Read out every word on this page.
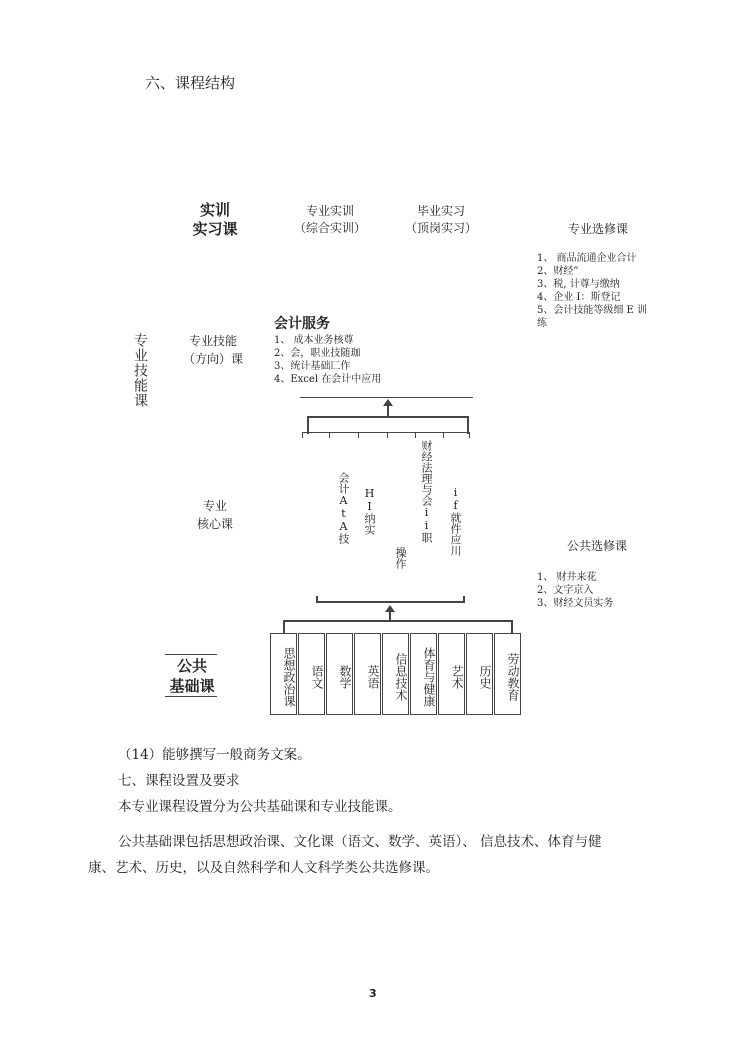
六、课程结构
实训
实习课
专业实训
（综合实训）
毕业实习
（顶岗实习）	专业选修课
1、 商品流通企业合计
2、财经”
3、税, 计尊与缴纳
4、企业 I：斯登记
5、会计技能等级细 E 训
练
专业技能课	专业技能
（方向）课
会计服务
1、 成本业务核尊
2、会，职业技随珈
3、统计基础匚作
4、Excel 在会计中应用
专业
核心课	会计AtA技 HI纳实
操作
财经法理与会ii职 if就件应川	公共选修课
1、 财井来花
2、文字京入
3、财经文员实务
公共
基础课	思想政治课	语文	数学	英语	信息技术	体育与健康	艺术	历史	劳动教育
（14）能够撰写一般商务文案。
七、课程设置及要求
本专业课程设置分为公共基础课和专业技能课。
公共基础课包括思想政治课、文化课（语文、数学、英语）、 信息技术、体育与健
康、艺术、历史，以及自然科学和人文科学类公共选修课。
3
